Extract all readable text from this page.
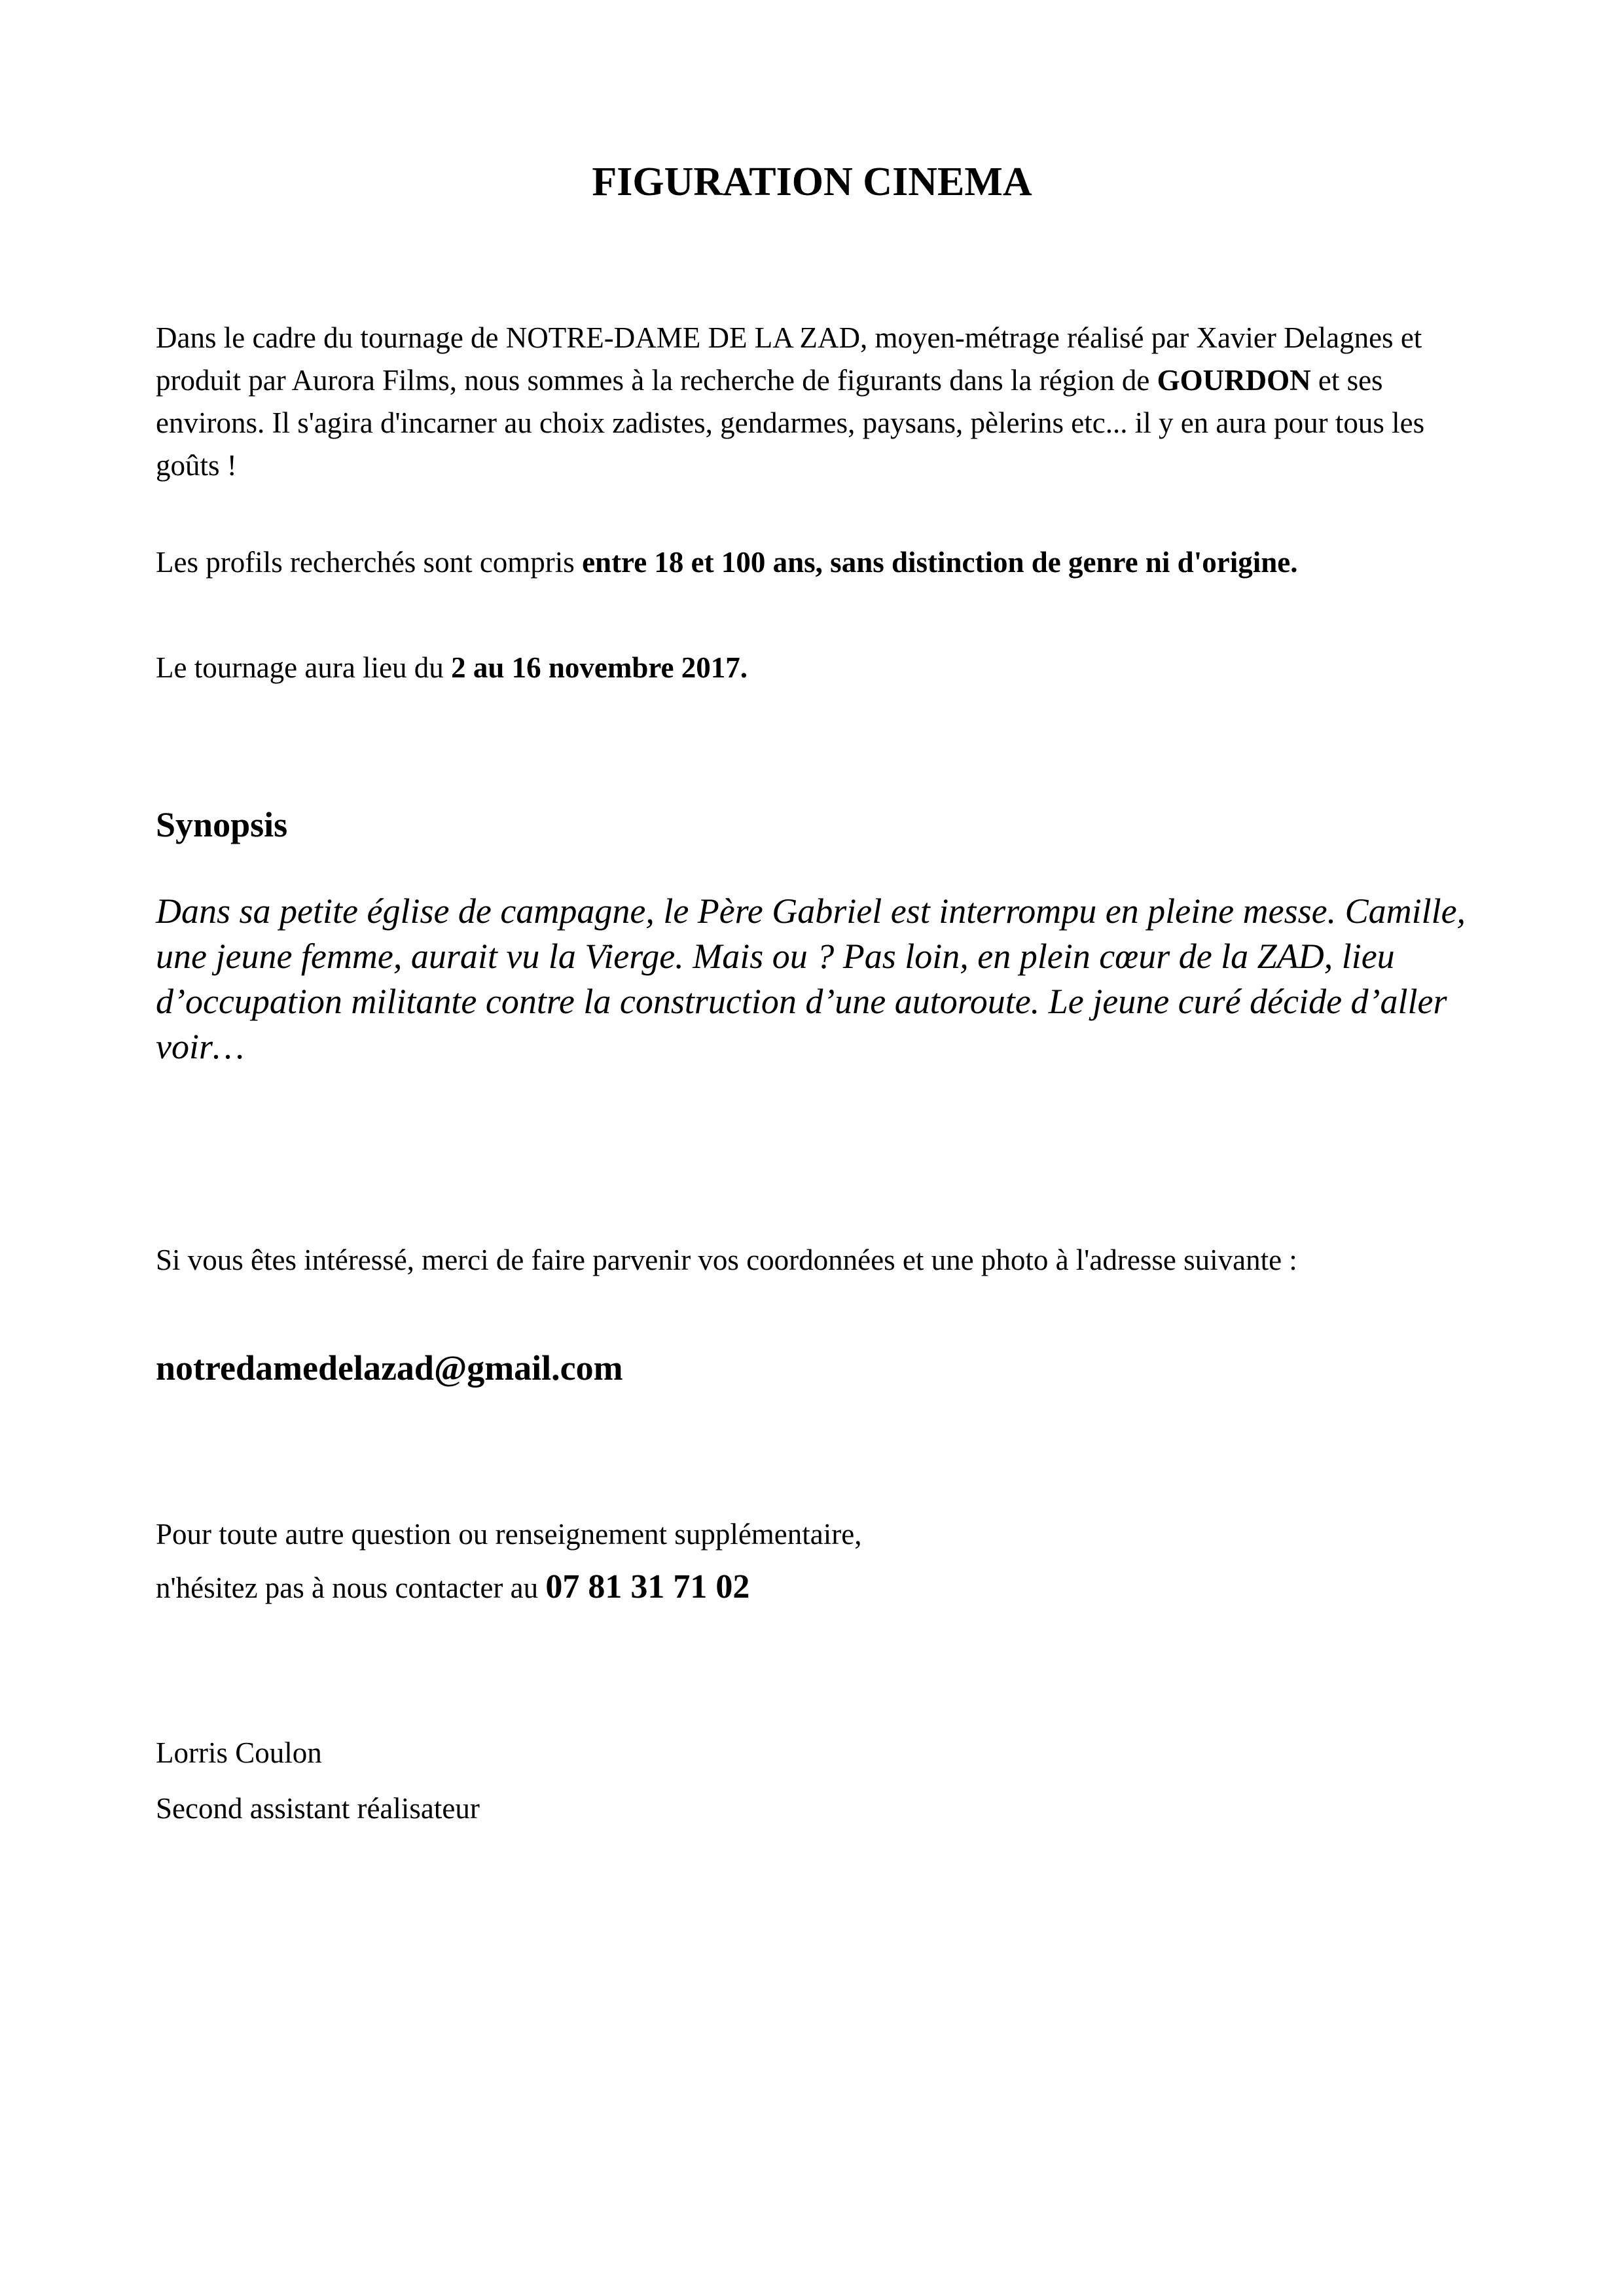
FIGURATION CINEMA

Dans le cadre du tournage de NOTRE-DAME DE LA ZAD, moyen-métrage réalisé par Xavier Delagnes et produit par Aurora Films, nous sommes à la recherche de figurants dans la région de GOURDON et ses environs. Il s'agira d'incarner au choix zadistes, gendarmes, paysans, pèlerins etc... il y en aura pour tous les goûts !

Les profils recherchés sont compris entre 18 et 100 ans, sans distinction de genre ni d'origine.

Le tournage aura lieu du 2 au 16 novembre 2017.

Synopsis

Dans sa petite église de campagne, le Père Gabriel est interrompu en pleine messe. Camille, une jeune femme, aurait vu la Vierge. Mais ou ? Pas loin, en plein cœur de la ZAD, lieu d’occupation militante contre la construction d’une autoroute. Le jeune curé décide d’aller voir…

Si vous êtes intéressé, merci de faire parvenir vos coordonnées et une photo à l'adresse suivante :

notredamedelazad@gmail.com

Pour toute autre question ou renseignement supplémentaire,

n'hésitez pas à nous contacter au 07 81 31 71 02

Lorris Coulon

Second assistant réalisateur
